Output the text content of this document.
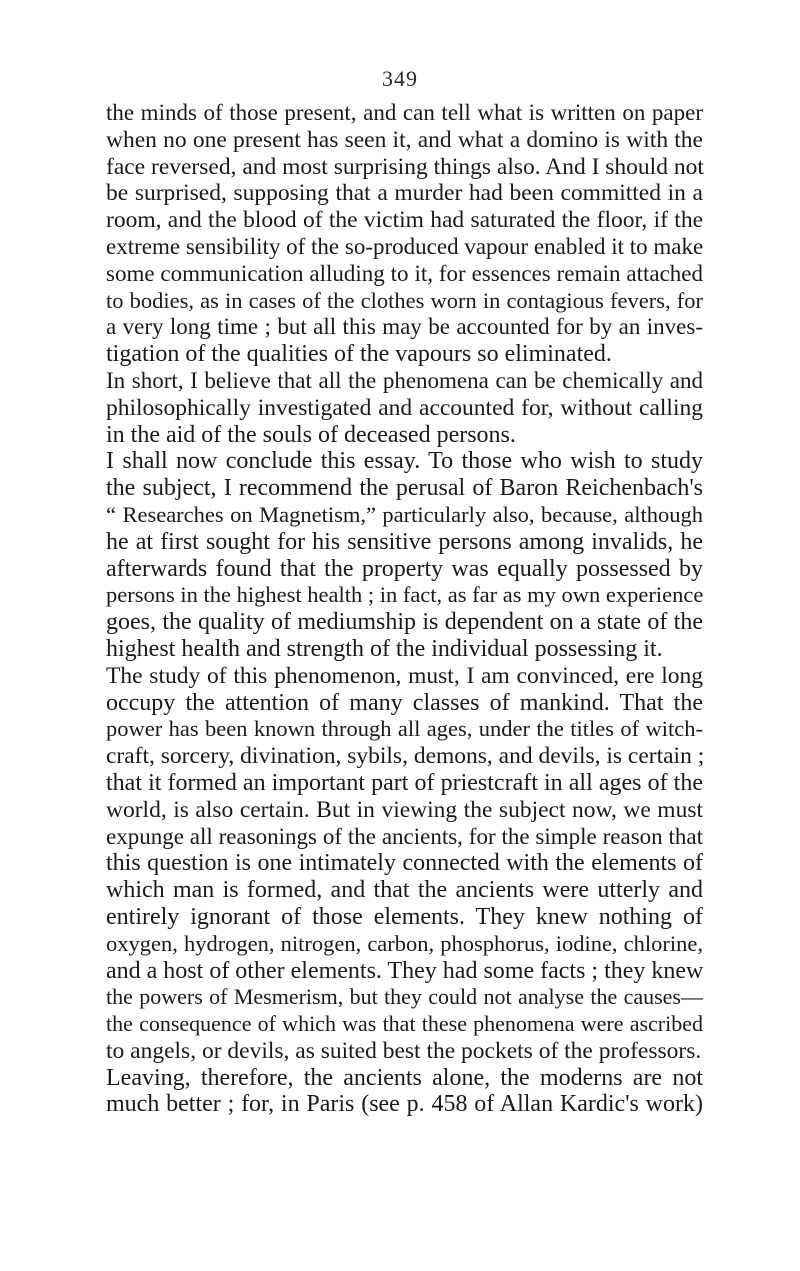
349
the minds of those present, and can tell what is written on paper
when no one present has seen it, and what a domino is with the
face reversed, and most surprising things also. And I should not
be surprised, supposing that a murder had been committed in a
room, and the blood of the victim had saturated the floor, if the
extreme sensibility of the so-produced vapour enabled it to make
some communication alluding to it, for essences remain attached
to bodies, as in cases of the clothes worn in contagious fevers, for
a very long time ; but all this may be accounted for by an inves-
tigation of the qualities of the vapours so eliminated.
In short, I believe that all the phenomena can be chemically and
philosophically investigated and accounted for, without calling
in the aid of the souls of deceased persons.
I shall now conclude this essay. To those who wish to study
the subject, I recommend the perusal of Baron Reichenbach's
“ Researches on Magnetism,” particularly also, because, although
he at first sought for his sensitive persons among invalids, he
afterwards found that the property was equally possessed by
persons in the highest health ; in fact, as far as my own experience
goes, the quality of mediumship is dependent on a state of the
highest health and strength of the individual possessing it.
The study of this phenomenon, must, I am convinced, ere long
occupy the attention of many classes of mankind. That the
power has been known through all ages, under the titles of witch-
craft, sorcery, divination, sybils, demons, and devils, is certain ;
that it formed an important part of priestcraft in all ages of the
world, is also certain. But in viewing the subject now, we must
expunge all reasonings of the ancients, for the simple reason that
this question is one intimately connected with the elements of
which man is formed, and that the ancients were utterly and
entirely ignorant of those elements. They knew nothing of
oxygen, hydrogen, nitrogen, carbon, phosphorus, iodine, chlorine,
and a host of other elements. They had some facts ; they knew
the powers of Mesmerism, but they could not analyse the causes—
the consequence of which was that these phenomena were ascribed
to angels, or devils, as suited best the pockets of the professors.
Leaving, therefore, the ancients alone, the moderns are not
much better ; for, in Paris (see p. 458 of Allan Kardic's work)
